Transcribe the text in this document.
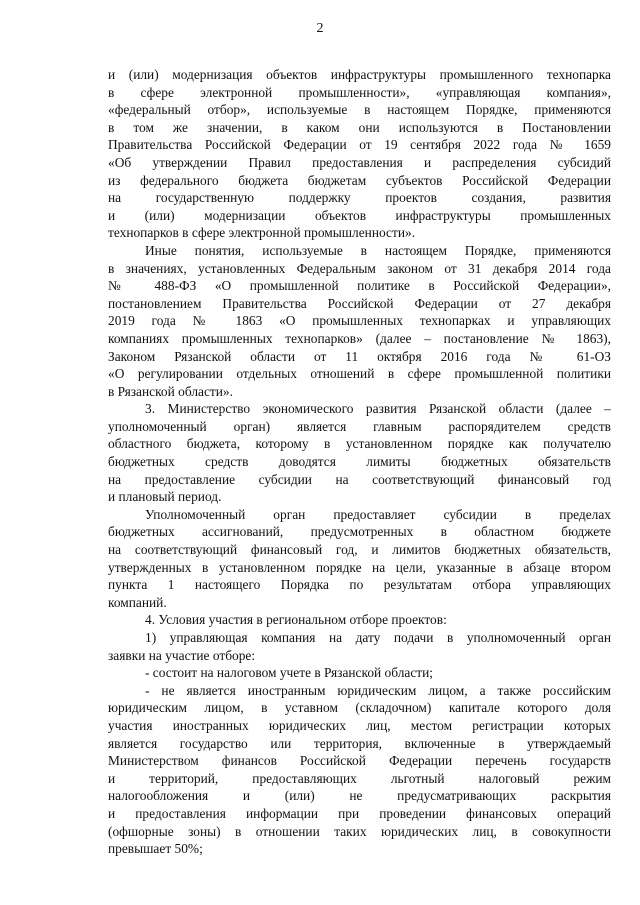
2
и (или) модернизация объектов инфраструктуры промышленного технопарка
в сфере электронной промышленности», «управляющая компания»,
«федеральный отбор», используемые в настоящем Порядке, применяются
в том же значении, в каком они используются в Постановлении
Правительства Российской Федерации от 19 сентября 2022 года № 1659
«Об утверждении Правил предоставления и распределения субсидий
из федерального бюджета бюджетам субъектов Российской Федерации
на государственную поддержку проектов создания, развития
и (или) модернизации объектов инфраструктуры промышленных
технопарков в сфере электронной промышленности».
Иные понятия, используемые в настоящем Порядке, применяются
в значениях, установленных Федеральным законом от 31 декабря 2014 года
№ 488-ФЗ «О промышленной политике в Российской Федерации»,
постановлением Правительства Российской Федерации от 27 декабря
2019 года № 1863 «О промышленных технопарках и управляющих
компаниях промышленных технопарков» (далее – постановление № 1863),
Законом Рязанской области от 11 октября 2016 года № 61-ОЗ
«О регулировании отдельных отношений в сфере промышленной политики
в Рязанской области».
3. Министерство экономического развития Рязанской области (далее –
уполномоченный орган) является главным распорядителем средств
областного бюджета, которому в установленном порядке как получателю
бюджетных средств доводятся лимиты бюджетных обязательств
на предоставление субсидии на соответствующий финансовый год
и плановый период.
Уполномоченный орган предоставляет субсидии в пределах
бюджетных ассигнований, предусмотренных в областном бюджете
на соответствующий финансовый год, и лимитов бюджетных обязательств,
утвержденных в установленном порядке на цели, указанные в абзаце втором
пункта 1 настоящего Порядка по результатам отбора управляющих
компаний.
4. Условия участия в региональном отборе проектов:
1) управляющая компания на дату подачи в уполномоченный орган
заявки на участие отборе:
- состоит на налоговом учете в Рязанской области;
- не является иностранным юридическим лицом, а также российским
юридическим лицом, в уставном (складочном) капитале которого доля
участия иностранных юридических лиц, местом регистрации которых
является государство или территория, включенные в утверждаемый
Министерством финансов Российской Федерации перечень государств
и территорий, предоставляющих льготный налоговый режим
налогообложения и (или) не предусматривающих раскрытия
и предоставления информации при проведении финансовых операций
(офшорные зоны) в отношении таких юридических лиц, в совокупности
превышает 50%;
